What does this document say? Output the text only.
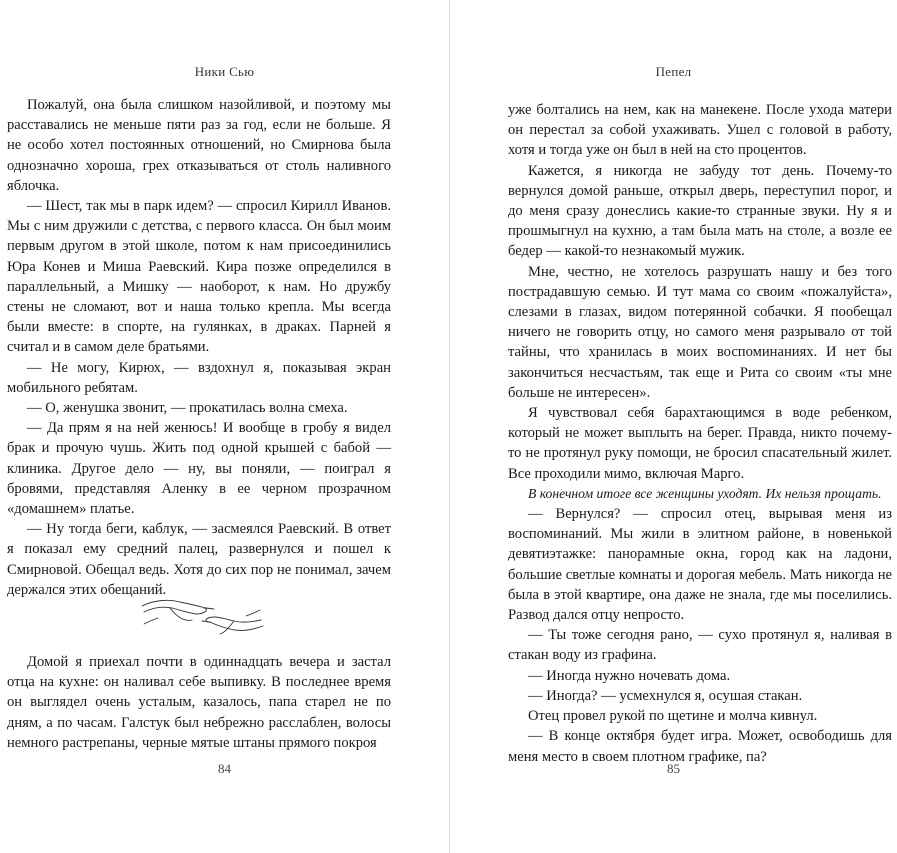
Ники Сью

Пожалуй, она была слишком назойливой, и поэтому мы расставались не меньше пяти раз за год, если не больше. Я не особо хотел постоянных отношений, но Смирнова была однозначно хороша, грех отказываться от столь наливного яблочка.

— Шест, так мы в парк идем? — спросил Кирилл Иванов. Мы с ним дружили с детства, с первого класса. Он был моим первым другом в этой школе, потом к нам присоединились Юра Конев и Миша Раевский. Кира позже определился в параллельный, а Мишку — наоборот, к нам. Но дружбу стены не сломают, вот и наша только крепла. Мы всегда были вместе: в спорте, на гулянках, в драках. Парней я считал и в самом деле братьями.

— Не могу, Кирюх, — вздохнул я, показывая экран мобильного ребятам.

— О, женушка звонит, — прокатилась волна смеха.

— Да прям я на ней женюсь! И вообще в гробу я видел брак и прочую чушь. Жить под одной крышей с бабой — клиника. Другое дело — ну, вы поняли, — поиграл я бровями, представляя Аленку в ее черном прозрачном «домашнем» платье.

— Ну тогда беги, каблук, — засмеялся Раевский. В ответ я показал ему средний палец, развернулся и пошел к Смирновой. Обещал ведь. Хотя до сих пор не понимал, зачем держался этих обещаний.

Домой я приехал почти в одиннадцать вечера и застал отца на кухне: он наливал себе выпивку. В последнее время он выглядел очень усталым, казалось, папа старел не по дням, а по часам. Галстук был небрежно расслаблен, волосы немного растрепаны, черные мятые штаны прямого покроя

84
Пепел

уже болтались на нем, как на манекене. После ухода матери он перестал за собой ухаживать. Ушел с головой в работу, хотя и тогда уже он был в ней на сто процентов.

Кажется, я никогда не забуду тот день. Почему-то вернулся домой раньше, открыл дверь, переступил порог, и до меня сразу донеслись какие-то странные звуки. Ну я и прошмыгнул на кухню, а там была мать на столе, а возле ее бедер — какой-то незнакомый мужик.

Мне, честно, не хотелось разрушать нашу и без того пострадавшую семью. И тут мама со своим «пожалуйста», слезами в глазах, видом потерянной собачки. Я пообещал ничего не говорить отцу, но самого меня разрывало от той тайны, что хранилась в моих воспоминаниях. И нет бы закончиться несчастьям, так еще и Рита со своим «ты мне больше не интересен».

Я чувствовал себя барахтающимся в воде ребенком, который не может выплыть на берег. Правда, никто почему-то не протянул руку помощи, не бросил спасательный жилет. Все проходили мимо, включая Марго.

В конечном итоге все женщины уходят. Их нельзя прощать.

— Вернулся? — спросил отец, вырывая меня из воспоминаний. Мы жили в элитном районе, в новенькой девятиэтажке: панорамные окна, город как на ладони, большие светлые комнаты и дорогая мебель. Мать никогда не была в этой квартире, она даже не знала, где мы поселились. Развод дался отцу непросто.

— Ты тоже сегодня рано, — сухо протянул я, наливая в стакан воду из графина.

— Иногда нужно ночевать дома.

— Иногда? — усмехнулся я, осушая стакан.

Отец провел рукой по щетине и молча кивнул.

— В конце октября будет игра. Может, освободишь для меня место в своем плотном графике, па?

85
